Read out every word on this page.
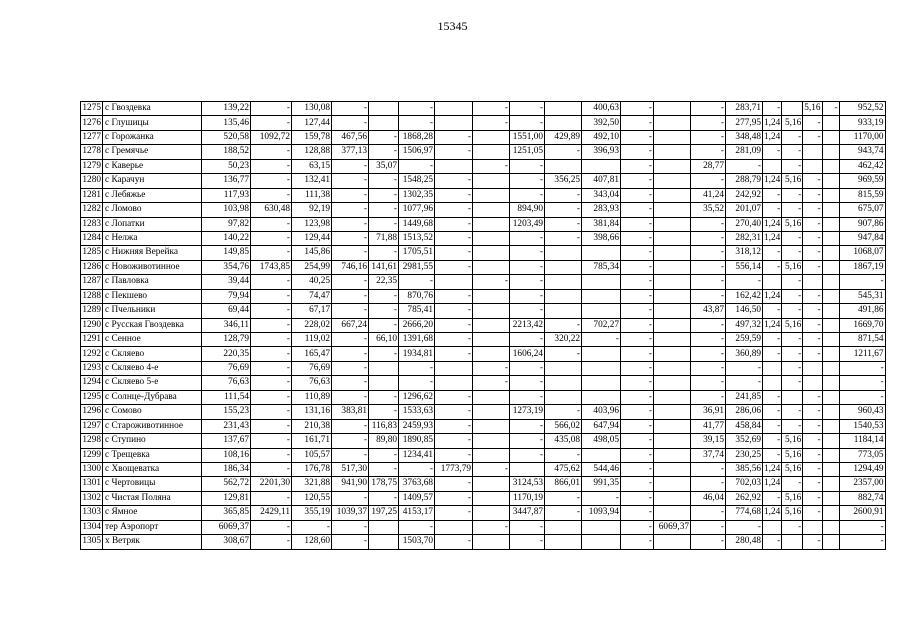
15345
1275	с Гвоздевка	139,22	-	130,08	-		-		-	-		400,63	-		-	283,71	-		5,16	-	952,52
1276	с Глушицы	135,46	-	127,44	-		-		-	-		392,50	-		-	277,95	1,24	5,16	-		933,19
1277	с Горожанка	520,58	1092,72	159,78	467,56	-	1868,28	-		1551,00	429,89	492,10	-		-	348,48	1,24	-	-		1170,00
1278	с Гремячье	188,52	-	128,88	377,13	-	1506,97	-		1251,05	-	396,93	-		-	281,09	-	-			943,74
1279	с Каверье	50,23	-	63,15	-	35,07	-		-	-			-		28,77	-		-			462,42
1280	с Карачун	136,77	-	132,41	-	-	1548,25	-		-	356,25	407,81	-		-	288,79	1,24	5,16	-		969,59
1281	с Лебяжье	117,93	-	111,38	-	-	1302,35	-		-	-	343,04	-		41,24	242,92	-	-	-		815,59
1282	с Ломово	103,98	630,48	92,19	-	-	1077,96	-		894,90	-	283,93	-		35,52	201,07	-	-	-		675,07
1283	с Лопатки	97,82	-	123,98	-	-	1449,68	-		1203,49	-	381,84	-		-	270,40	1,24	5,16	-		907,86
1284	с Нелжа	140,22	-	129,44	-	71,88	1513,52	-		-	-	398,66	-		-	282,31	1,24	-	-		947,84
1285	с Нижняя Верейка	149,85	-	145,86	-	-	1705,51	-		-			-		-	318,12	-	-	-		1068,07
1286	с Новоживотинное	354,76	1743,85	254,99	746,16	141,61	2981,55	-		-		785,34	-		-	556,14	-	5,16	-		1867,19
1287	с Павловка	39,44	-	40,25	-	22,35	-		-	-			-		-	-		-			-
1288	с Пекшево	79,94	-	74,47	-	-	870,76	-		-			-		-	162,42	1,24	-	-		545,31
1289	с Пчельники	69,44	-	67,17	-	-	785,41	-		-			-		43,87	146,50	-	-	-		491,86
1290	с Русская Гвоздевка	346,11	-	228,02	667,24	-	2666,20	-		2213,42	-	702,27	-		-	497,32	1,24	5,16	-		1669,70
1291	с Сенное	128,79	-	119,02	-	66,10	1391,68	-		-	320,22	-	-		-	259,59	-	-	-		871,54
1292	с Скляево	220,35	-	165,47	-	-	1934,81	-		1606,24	-		-		-	360,89	-	-	-		1211,67
1293	с Скляево 4-е	76,69	-	76,69	-		-		-	-			-		-	-		-			-
1294	с Скляево 5-е	76,63	-	76,63	-		-		-	-			-		-	-		-			-
1295	с Солнце-Дубрава	111,54	-	110,89	-	-	1296,62	-		-			-		-	241,85	-		-		-
1296	с Сомово	155,23	-	131,16	383,81	-	1533,63	-		1273,19	-	403,96	-		36,91	286,06	-	-	-		960,43
1297	с Староживотинное	231,43	-	210,38	-	116,83	2459,93	-		-	566,02	647,94	-		41,77	458,84	-	-	-		1540,53
1298	с Ступино	137,67	-	161,71	-	89,80	1890,85	-		-	435,08	498,05	-		39,15	352,69	-	5,16	-		1184,14
1299	с Трещевка	108,16	-	105,57	-	-	1234,41	-		-	-		-		37,74	230,25	-	5,16	-		773,05
1300	с Хвощеватка	186,34	-	176,78	517,30	-	-	1773,79	-		475,62	544,46	-		-	385,56	1,24	5,16	-		1294,49
1301	с Чертовицы	562,72	2201,30	321,88	941,90	178,75	3763,68	-		3124,53	866,01	991,35	-		-	702,03	1,24	-	-		2357,00
1302	с Чистая Поляна	129,81	-	120,55	-	-	1409,57	-		1170,19	-	-	-		46,04	262,92	-	5,16	-		882,74
1303	с Ямное	365,85	2429,11	355,19	1039,37	197,25	4153,17	-		3447,87	-	1093,94	-		-	774,68	1,24	5,16	-		2600,91
1304	тер Аэропорт	6069,37	-	-	-		-		-	-			-	6069,37	-	-		-			-
1305	х Ветряк	308,67	-	128,60	-		1503,70	-		-			-		-	280,48	-		-		-
